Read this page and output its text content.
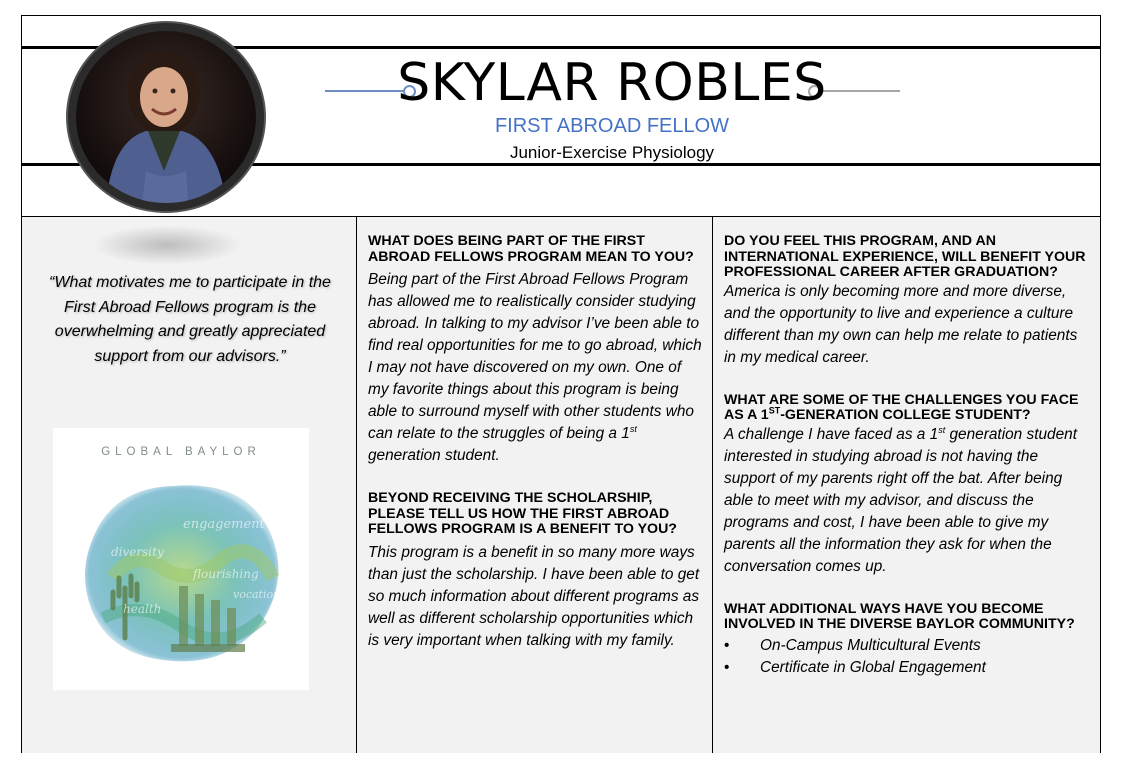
SKYLAR ROBLES
FIRST ABROAD FELLOW
Junior-Exercise Physiology
“What motivates me to participate in the First Abroad Fellows program is the overwhelming and greatly appreciated support from our advisors.”
GLOBAL BAYLOR
engagement
diversity
flourishing
health
vocation

WHAT DOES BEING PART OF THE FIRST ABROAD FELLOWS PROGRAM MEAN TO YOU?

Being part of the First Abroad Fellows Program has allowed me to realistically consider studying abroad. In talking to my advisor I’ve been able to find real opportunities for me to go abroad, which I may not have discovered on my own. One of my favorite things about this program is being able to surround myself with other students who can relate to the struggles of being a 1st generation student.

BEYOND RECEIVING THE SCHOLARSHIP, PLEASE TELL US HOW THE FIRST ABROAD FELLOWS PROGRAM IS A BENEFIT TO YOU?

This program is a benefit in so many more ways than just the scholarship. I have been able to get so much information about different programs as well as different scholarship opportunities which is very important when talking with my family.

DO YOU FEEL THIS PROGRAM, AND AN INTERNATIONAL EXPERIENCE, WILL BENEFIT YOUR PROFESSIONAL CAREER AFTER GRADUATION?

America is only becoming more and more diverse, and the opportunity to live and experience a culture different than my own can help me relate to patients in my medical career.

WHAT ARE SOME OF THE CHALLENGES YOU FACE AS A 1ST-GENERATION COLLEGE STUDENT?

A challenge I have faced as a 1st generation student interested in studying abroad is not having the support of my parents right off the bat. After being able to meet with my advisor, and discuss the programs and cost, I have been able to give my parents all the information they ask for when the conversation comes up.

WHAT ADDITIONAL WAYS HAVE YOU BECOME INVOLVED IN THE DIVERSE BAYLOR COMMUNITY?

• On-Campus Multicultural Events
• Certificate in Global Engagement
